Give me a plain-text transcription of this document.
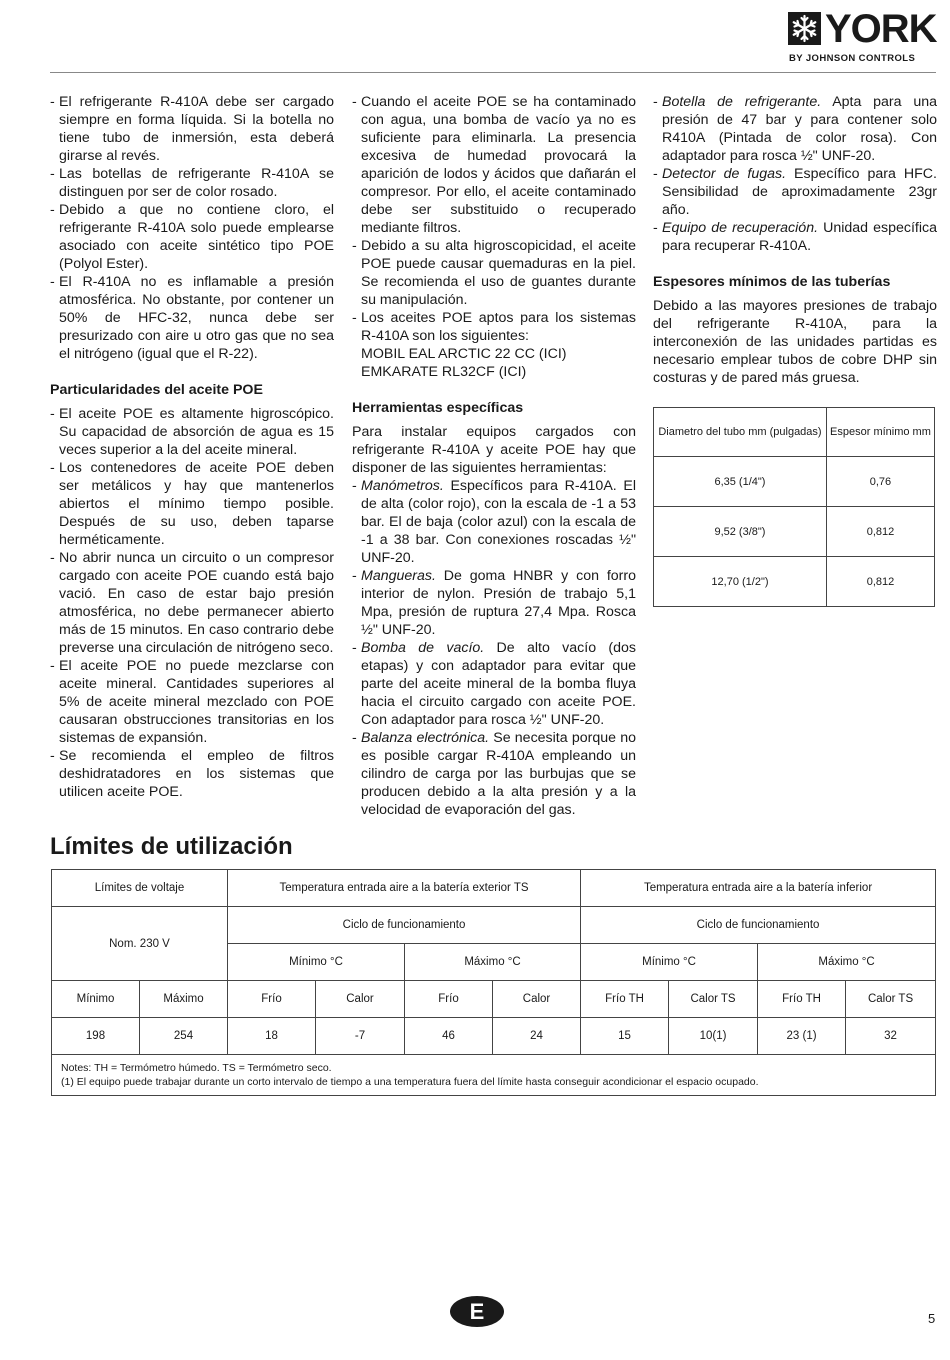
YORK
BY JOHNSON CONTROLS
- El refrigerante R-410A debe ser cargado siempre en forma líquida. Si la botella no tiene tubo de inmersión, esta deberá girarse al revés.
- Las botellas de refrigerante R-410A se distinguen por ser de color rosado.
- Debido a que no contiene cloro, el refrigerante R-410A solo puede emplearse asociado con aceite sintético tipo POE (Polyol Ester).
- El R-410A no es inflamable a presión atmosférica. No obstante, por contener un 50% de HFC-32, nunca debe ser presurizado con aire u otro gas que no sea el nitrógeno (igual que el R-22).
Particularidades del aceite POE
- El aceite POE es altamente higroscópico. Su capacidad de absorción de agua es 15 veces superior a la del aceite mineral.
- Los contenedores de aceite POE deben ser metálicos y hay que mantenerlos abiertos el mínimo tiempo posible. Después de su uso, deben taparse herméticamente.
- No abrir nunca un circuito o un compresor cargado con aceite POE cuando está bajo vació. En caso de estar bajo presión atmosférica, no debe permanecer abierto más de 15 minutos. En caso contrario debe preverse una circulación de nitrógeno seco.
- El aceite POE no puede mezclarse con aceite mineral. Cantidades superiores al 5% de aceite mineral mezclado con POE causaran obstrucciones transitorias en los sistemas de expansión.
- Se recomienda el empleo de filtros deshidratadores en los sistemas que utilicen aceite POE.
- Cuando el aceite POE se ha contaminado con agua, una bomba de vacío ya no es suficiente para eliminarla. La presencia excesiva de humedad provocará la aparición de lodos y ácidos que dañarán el compresor. Por ello, el aceite contaminado debe ser substituido o recuperado mediante filtros.
- Debido a su alta higroscopicidad, el aceite POE puede causar quemaduras en la piel. Se recomienda el uso de guantes durante su manipulación.
- Los aceites POE aptos para los sistemas R-410A son los siguientes:
MOBIL EAL ARCTIC 22 CC (ICI)
EMKARATE RL32CF (ICI)
Herramientas específicas

Para instalar equipos cargados con refrigerante R-410A y aceite POE hay que disponer de las siguientes herramientas:

- Manómetros. Específicos para R-410A. El de alta (color rojo), con la escala de -1 a 53 bar. El de baja (color azul) con la escala de -1 a 38 bar. Con conexiones roscadas ½" UNF-20.
- Mangueras. De goma HNBR y con forro interior de nylon. Presión de trabajo 5,1 Mpa, presión de ruptura 27,4 Mpa. Rosca ½" UNF-20.
- Bomba de vacío. De alto vacío (dos etapas) y con adaptador para evitar que parte del aceite mineral de la bomba fluya hacia el circuito cargado con aceite POE. Con adaptador para rosca ½" UNF-20.
- Balanza electrónica. Se necesita porque no es posible cargar R-410A empleando un cilindro de carga por las burbujas que se producen debido a la alta presión y a la velocidad de evaporación del gas.
- Botella de refrigerante. Apta para una presión de 47 bar y para contener solo R410A (Pintada de color rosa). Con adaptador para rosca ½" UNF-20.
- Detector de fugas. Específico para HFC. Sensibilidad de aproximadamente 23gr año.
- Equipo de recuperación. Unidad específica para recuperar R-410A.
Espesores mínimos de las tuberías

Debido a las mayores presiones de trabajo del refrigerante R-410A, para la interconexión de las unidades partidas es necesario emplear tubos de cobre DHP sin costuras y de pared más gruesa.

Diametro del tubo mm (pulgadas)	Espesor mínimo mm
6,35 (1/4")	0,76
9,52 (3/8")	0,812
12,70 (1/2")	0,812
Límites de utilización
Límites de voltaje		Temperatura entrada aire a la batería exterior TS				Temperatura entrada aire a la batería inferior			
Nom. 230 V		Ciclo de funcionamiento				Ciclo de funcionamiento			
		Mínimo °C		Máximo °C		Mínimo °C		Máximo °C	
Mínimo	Máximo	Frío	Calor	Frío	Calor	Frío TH	Calor TS	Frío TH	Calor TS
198	254	18	-7	46	24	15	10(1)	23 (1)	32

Notes: TH = Termómetro húmedo. TS = Termómetro seco.
(1) El equipo puede trabajar durante un corto intervalo de tiempo a una temperatura fuera del límite hasta conseguir acondicionar el espacio ocupado.									
E	5
